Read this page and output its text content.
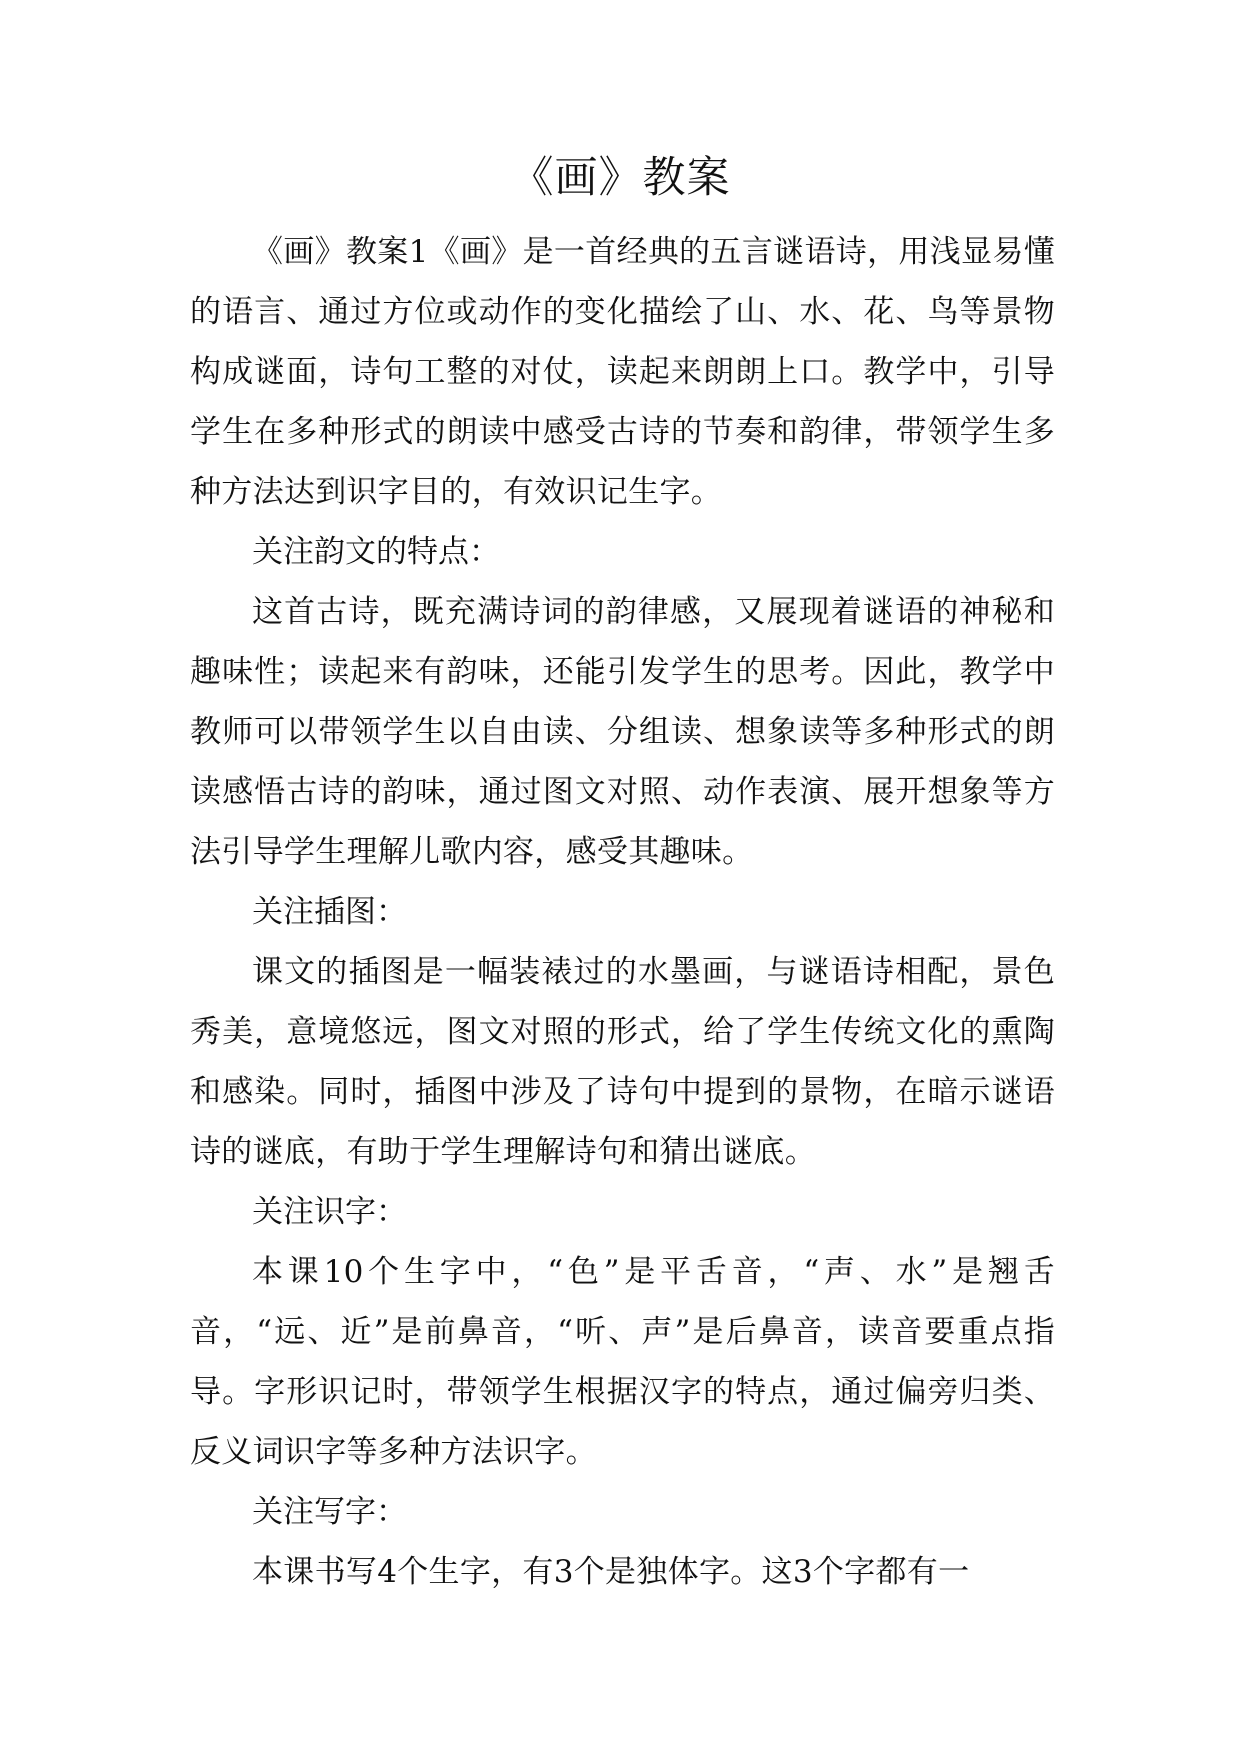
《画》教案

《画》教案1《画》是一首经典的五言谜语诗，用浅显易懂的语言、通过方位或动作的变化描绘了山、水、花、鸟等景物构成谜面，诗句工整的对仗，读起来朗朗上口。教学中，引导学生在多种形式的朗读中感受古诗的节奏和韵律，带领学生多种方法达到识字目的，有效识记生字。

关注韵文的特点：

这首古诗，既充满诗词的韵律感，又展现着谜语的神秘和趣味性；读起来有韵味，还能引发学生的思考。因此，教学中教师可以带领学生以自由读、分组读、想象读等多种形式的朗读感悟古诗的韵味，通过图文对照、动作表演、展开想象等方法引导学生理解儿歌内容，感受其趣味。

关注插图：

课文的插图是一幅装裱过的水墨画，与谜语诗相配，景色秀美，意境悠远，图文对照的形式，给了学生传统文化的熏陶和感染。同时，插图中涉及了诗句中提到的景物，在暗示谜语诗的谜底，有助于学生理解诗句和猜出谜底。

关注识字：

本课10个生字中，“色”是平舌音，“声、水”是翘舌音，“远、近”是前鼻音，“听、声”是后鼻音，读音要重点指导。字形识记时，带领学生根据汉字的特点，通过偏旁归类、反义词识字等多种方法识字。

关注写字：

本课书写4个生字，有3个是独体字。这3个字都有一
